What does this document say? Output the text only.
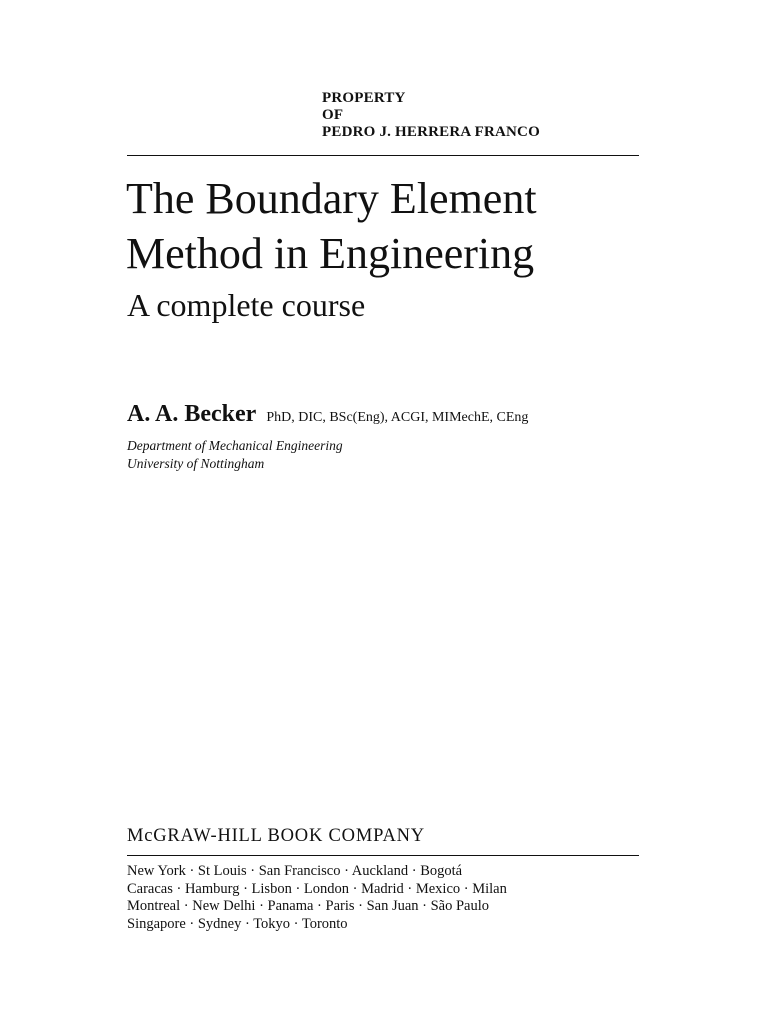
PROPERTY
OF
PEDRO J. HERRERA FRANCO
The Boundary Element
Method in Engineering
A complete course
A. A. Becker PhD, DIC, BSc(Eng), ACGI, MIMechE, CEng
Department of Mechanical Engineering
University of Nottingham
McGRAW-HILL BOOK COMPANY
New York · St Louis · San Francisco · Auckland · Bogotá
Caracas · Hamburg · Lisbon · London · Madrid · Mexico · Milan
Montreal · New Delhi · Panama · Paris · San Juan · São Paulo
Singapore · Sydney · Tokyo · Toronto
